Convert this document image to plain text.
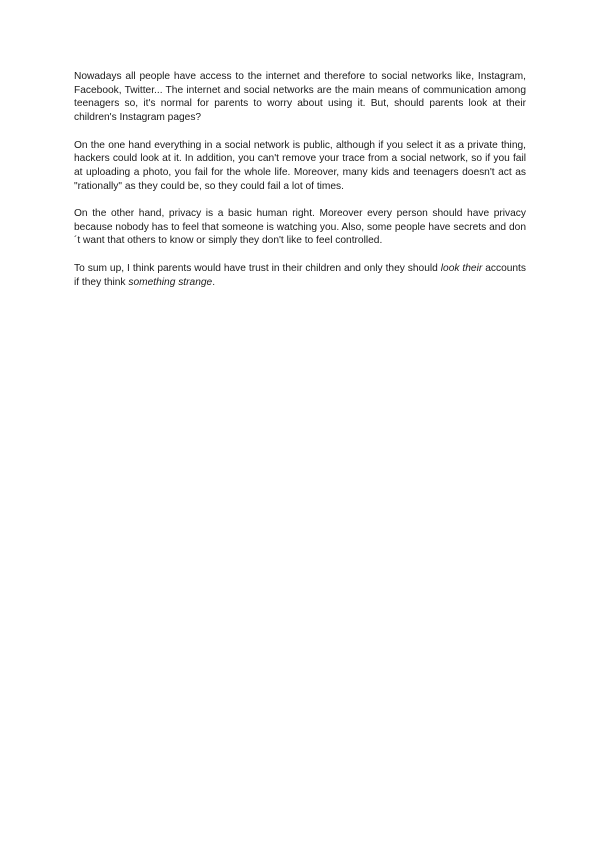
Nowadays all people have access to the internet and therefore to social networks like, Instagram, Facebook, Twitter... The internet and social networks are the main means of communication among teenagers so, it's normal for parents to worry about using it. But, should parents look at their children's Instagram pages?

On the one hand everything in a social network is public, although if you select it as a private thing, hackers could look at it. In addition, you can't remove your trace from a social network, so if you fail at uploading a photo, you fail for the whole life. Moreover, many kids and teenagers doesn't act as "rationally" as they could be, so they could fail a lot of times.

On the other hand, privacy is a basic human right. Moreover every person should have privacy because nobody has to feel that someone is watching you. Also, some people have secrets and don´t want that others to know or simply they don't like to feel controlled.

To sum up, I think parents would have trust in their children and only they should look their accounts if they think something strange.
